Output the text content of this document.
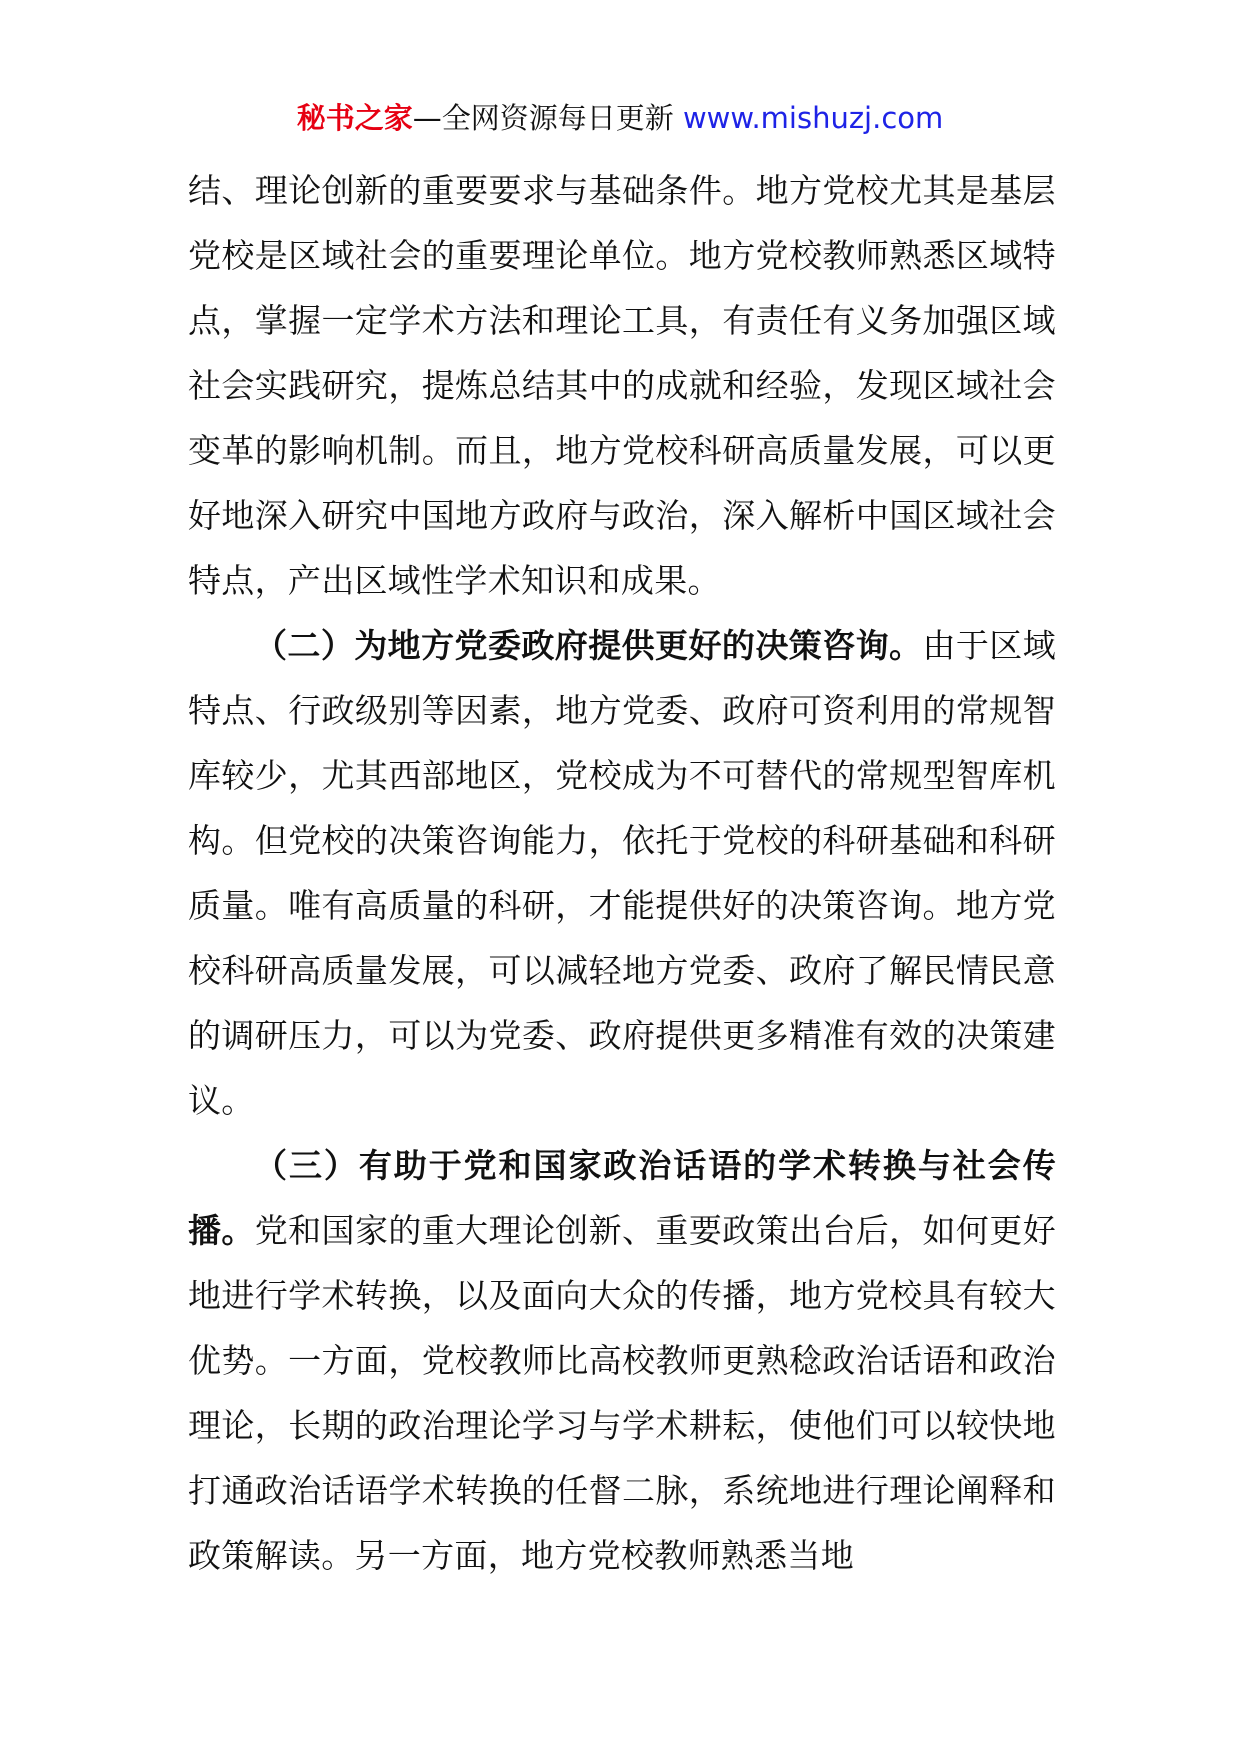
秘书之家—全网资源每日更新 www.mishuzj.com

结、理论创新的重要要求与基础条件。地方党校尤其是基层党校是区域社会的重要理论单位。地方党校教师熟悉区域特点，掌握一定学术方法和理论工具，有责任有义务加强区域社会实践研究，提炼总结其中的成就和经验，发现区域社会变革的影响机制。而且，地方党校科研高质量发展，可以更好地深入研究中国地方政府与政治，深入解析中国区域社会特点，产出区域性学术知识和成果。

（二）为地方党委政府提供更好的决策咨询。由于区域特点、行政级别等因素，地方党委、政府可资利用的常规智库较少，尤其西部地区，党校成为不可替代的常规型智库机构。但党校的决策咨询能力，依托于党校的科研基础和科研质量。唯有高质量的科研，才能提供好的决策咨询。地方党校科研高质量发展，可以减轻地方党委、政府了解民情民意的调研压力，可以为党委、政府提供更多精准有效的决策建议。

（三）有助于党和国家政治话语的学术转换与社会传播。党和国家的重大理论创新、重要政策出台后，如何更好地进行学术转换，以及面向大众的传播，地方党校具有较大优势。一方面，党校教师比高校教师更熟稔政治话语和政治理论，长期的政治理论学习与学术耕耘，使他们可以较快地打通政治话语学术转换的任督二脉，系统地进行理论阐释和政策解读。另一方面，地方党校教师熟悉当地
